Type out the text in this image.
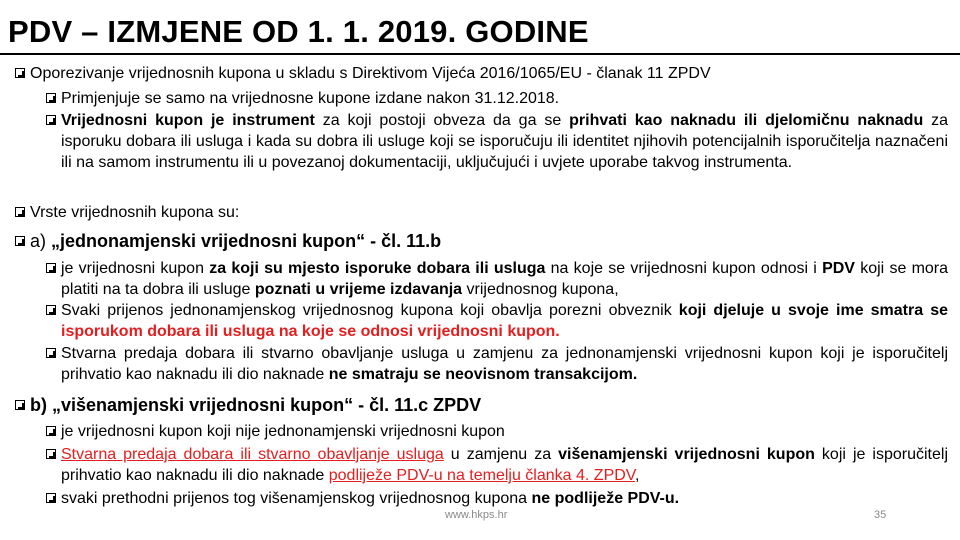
PDV – IZMJENE OD 1. 1. 2019. GODINE
Oporezivanje vrijednosnih kupona u skladu s Direktivom Vijeća 2016/1065/EU - članak 11 ZPDV
Primjenjuje se samo na vrijednosne kupone izdane nakon 31.12.2018.
Vrijednosni kupon je instrument za koji postoji obveza da ga se prihvati kao naknadu ili djelomičnu naknadu za isporuku dobara ili usluga i kada su dobra ili usluge koji se isporučuju ili identitet njihovih potencijalnih isporučitelja naznačeni ili na samom instrumentu ili u povezanoj dokumentaciji, uključujući i uvjete uporabe takvog instrumenta.
Vrste vrijednosnih kupona su:
a) „jednonamjenski vrijednosni kupon“ - čl. 11.b
je vrijednosni kupon za koji su mjesto isporuke dobara ili usluga na koje se vrijednosni kupon odnosi i PDV koji se mora platiti na ta dobra ili usluge poznati u vrijeme izdavanja vrijednosnog kupona,
Svaki prijenos jednonamjenskog vrijednosnog kupona koji obavlja porezni obveznik koji djeluje u svoje ime smatra se isporukom dobara ili usluga na koje se odnosi vrijednosni kupon.
Stvarna predaja dobara ili stvarno obavljanje usluga u zamjenu za jednonamjenski vrijednosni kupon koji je isporučitelj prihvatio kao naknadu ili dio naknade ne smatraju se neovisnom transakcijom.
b) „višenamjenski vrijednosni kupon“ - čl. 11.c ZPDV
je vrijednosni kupon koji nije jednonamjenski vrijednosni kupon
Stvarna predaja dobara ili stvarno obavljanje usluga u zamjenu za višenamjenski vrijednosni kupon koji je isporučitelj prihvatio kao naknadu ili dio naknade podliježe PDV-u na temelju članka 4. ZPDV,
svaki prethodni prijenos tog višenamjenskog vrijednosnog kupona ne podliježe PDV-u.
www.hkps.hr	35
